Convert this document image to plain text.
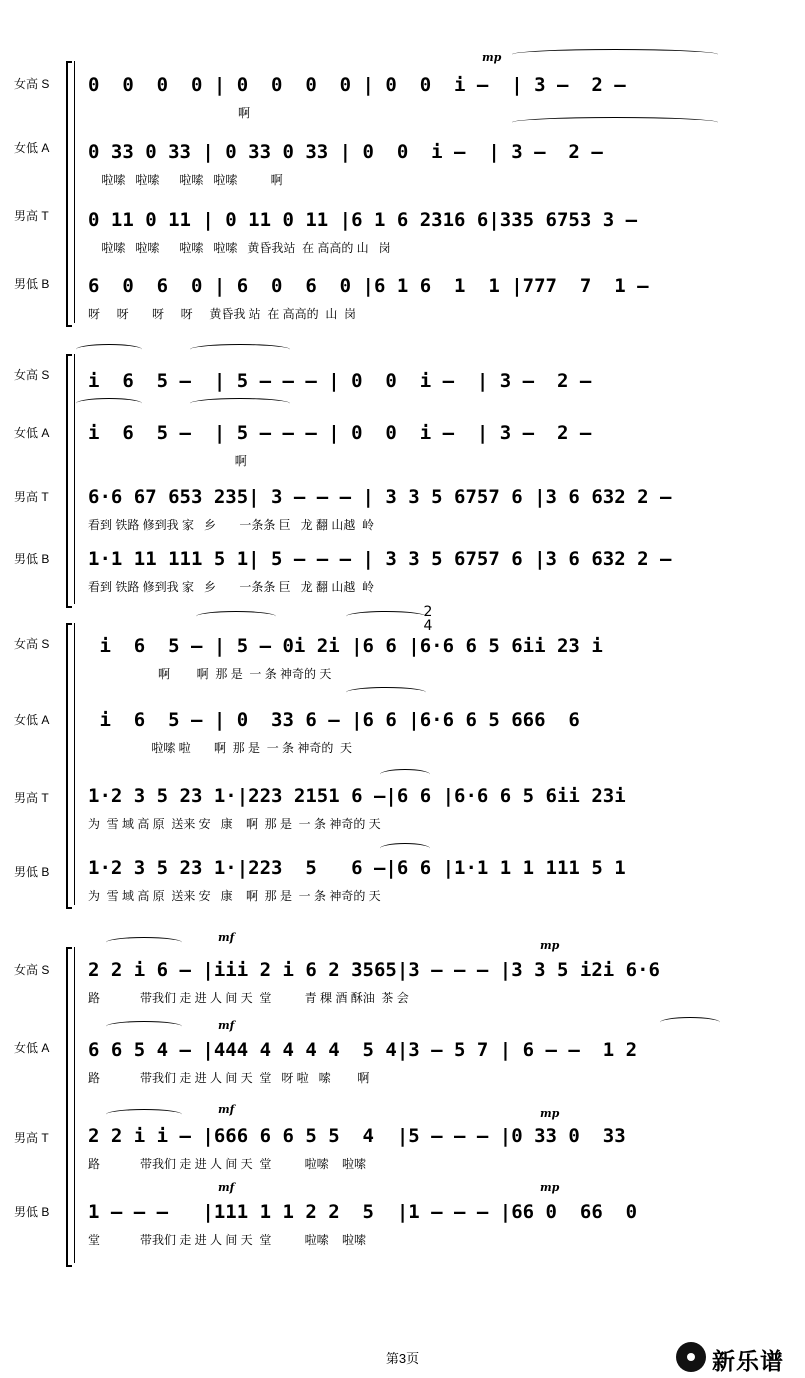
mp
女高 S	0  0  0  0 | 0  0  0  0 | 0  0  i –  | 3 –  2 –
啊
女低 A	0 33 0 33 | 0 33 0 33 | 0  0  i –  | 3 –  2 –
啦嗦   啦嗦      啦嗦   啦嗦          啊
男高 T	0 11 0 11 | 0 11 0 11 |6 1 6 2316 6|335 6753 3 –
啦嗦   啦嗦      啦嗦   啦嗦   黄昏我站  在 高高的 山   岗
男低 B	6  0  6  0 | 6  0  6  0 |6 1 6  1  1 |777  7  1 –
呀     呀       呀     呀     黄昏我 站  在 高高的  山  岗
女高 S	i  6  5 –  | 5 – – – | 0  0  i –  | 3 –  2 –
女低 A	i  6  5 –  | 5 – – – | 0  0  i –  | 3 –  2 –
啊
男高 T	6·6 67 653 235| 3 – – – | 3 3 5 6757 6 |3 6 632 2 –
看到 铁路 修到我 家   乡       一条条 巨   龙 翻 山越  岭
男低 B	1·1 11 111 5 1| 5 – – – | 3 3 5 6757 6 |3 6 632 2 –
看到 铁路 修到我 家   乡       一条条 巨   龙 翻 山越  岭
2
4
女高 S	i  6  5 – | 5 – 0i 2i |6 6 |6·6 6 5 6ii 23 i
啊        啊  那 是  一 条 神奇的 天
女低 A	i  6  5 – | 0  33 6 – |6 6 |6·6 6 5 666  6
啦嗦 啦       啊  那 是  一 条 神奇的  天
男高 T	1·2 3 5 23 1·|223 2151 6 –|6 6 |6·6 6 5 6ii 23i
为  雪 域 高 原  送来 安   康    啊  那 是  一 条 神奇的 天
男低 B	1·2 3 5 23 1·|223  5   6 –|6 6 |1·1 1 1 111 5 1
为  雪 域 高 原  送来 安   康    啊  那 是  一 条 神奇的 天
mf
mp
女高 S	2 2 i 6 – |iii 2 i 6 2 3565|3 – – – |3 3 5 i2i 6·6
路            带我们 走 进 人 间 天  堂          青 稞 酒 酥油  茶 会
mf
女低 A	6 6 5 4 – |444 4 4 4 4  5 4|3 – 5 7 | 6 – –  1 2
路            带我们 走 进 人 间 天  堂   呀 啦   嗦        啊
mf	mp
男高 T	2 2 i i – |666 6 6 5 5  4  |5 – – – |0 33 0  33
路            带我们 走 进 人 间 天  堂          啦嗦    啦嗦
mf	mp
男低 B	1 – – –   |111 1 1 2 2  5  |1 – – – |66 0  66  0
堂            带我们 走 进 人 间 天  堂          啦嗦    啦嗦
第3页	新乐谱
